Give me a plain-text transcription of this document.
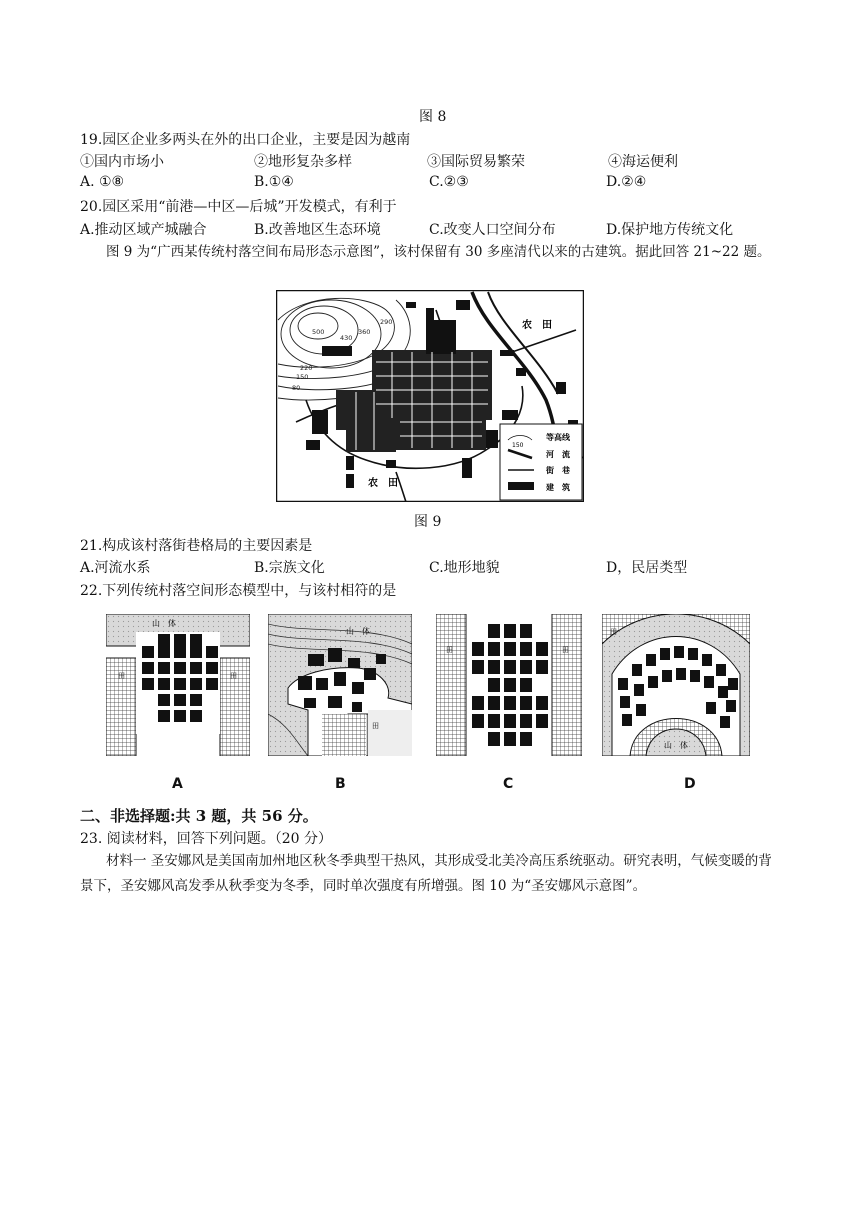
图 8
19.园区企业多两头在外的出口企业，主要是因为越南
①国内市场小	②地形复杂多样	③国际贸易繁荣	④海运便利
A. ①⑧	B.①④	C.②③	D.②④
20.园区采用“前港—中区—后城”开发模式，有利于
A.推动区域产城融合	B.改善地区生态环境	C.改变人口空间分布	D.保护地方传统文化
图 9 为“广西某传统村落空间布局形态示意图”，该村保留有 30 多座清代以来的古建筑。据此回答 21~22 题。
500
430
360
290
220
150
80
农　田
农　田
150
等高线
河　流
街　巷
建　筑
图 9
21.构成该村落街巷格局的主要因素是
A.河流水系	B.宗族文化	C.地形地貌	D，民居类型
22.下列传统村落空间形态模型中，与该村相符的是
山　体
田	田
山　体
田
田	田
山　体
田
A	B	C	D
二、非选择题:共 3 题，共 56 分。
23. 阅读材料，回答下列问题。（20 分）
材料一 圣安娜风是美国南加州地区秋冬季典型干热风，其形成受北美冷高压系统驱动。研究表明，气候变暖的背景下，圣安娜风高发季从秋季变为冬季，同时单次强度有所增强。图 10 为“圣安娜风示意图”。
